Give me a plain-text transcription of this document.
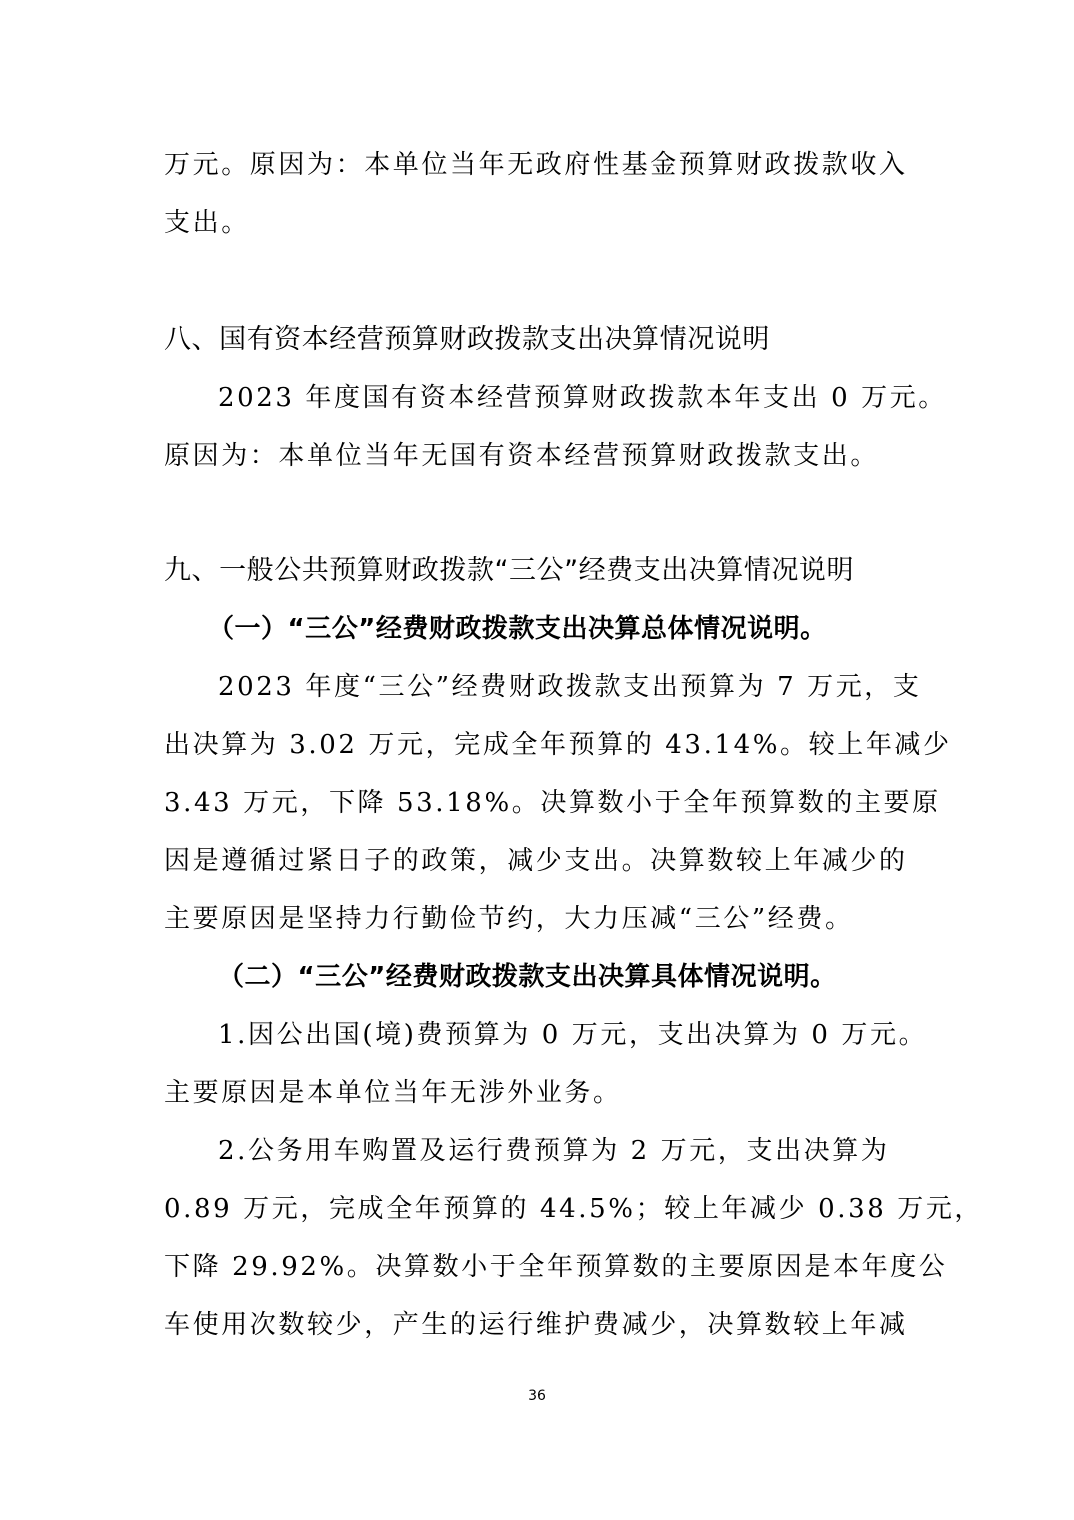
万元。原因为：本单位当年无政府性基金预算财政拨款收入
支出。
八、国有资本经营预算财政拨款支出决算情况说明
2023 年度国有资本经营预算财政拨款本年支出 0 万元。
原因为：本单位当年无国有资本经营预算财政拨款支出。
九、一般公共预算财政拨款“三公”经费支出决算情况说明
（一）“三公”经费财政拨款支出决算总体情况说明。
2023 年度“三公”经费财政拨款支出预算为 7 万元，支
出决算为 3.02 万元，完成全年预算的 43.14%。较上年减少
3.43 万元，下降 53.18%。决算数小于全年预算数的主要原
因是遵循过紧日子的政策，减少支出。决算数较上年减少的
主要原因是坚持力行勤俭节约，大力压减“三公”经费。
（二）“三公”经费财政拨款支出决算具体情况说明。
1.因公出国(境)费预算为 0 万元，支出决算为 0 万元。
主要原因是本单位当年无涉外业务。
2.公务用车购置及运行费预算为 2 万元，支出决算为
0.89 万元，完成全年预算的 44.5%；较上年减少 0.38 万元，
下降 29.92%。决算数小于全年预算数的主要原因是本年度公
车使用次数较少，产生的运行维护费减少，决算数较上年减
36
